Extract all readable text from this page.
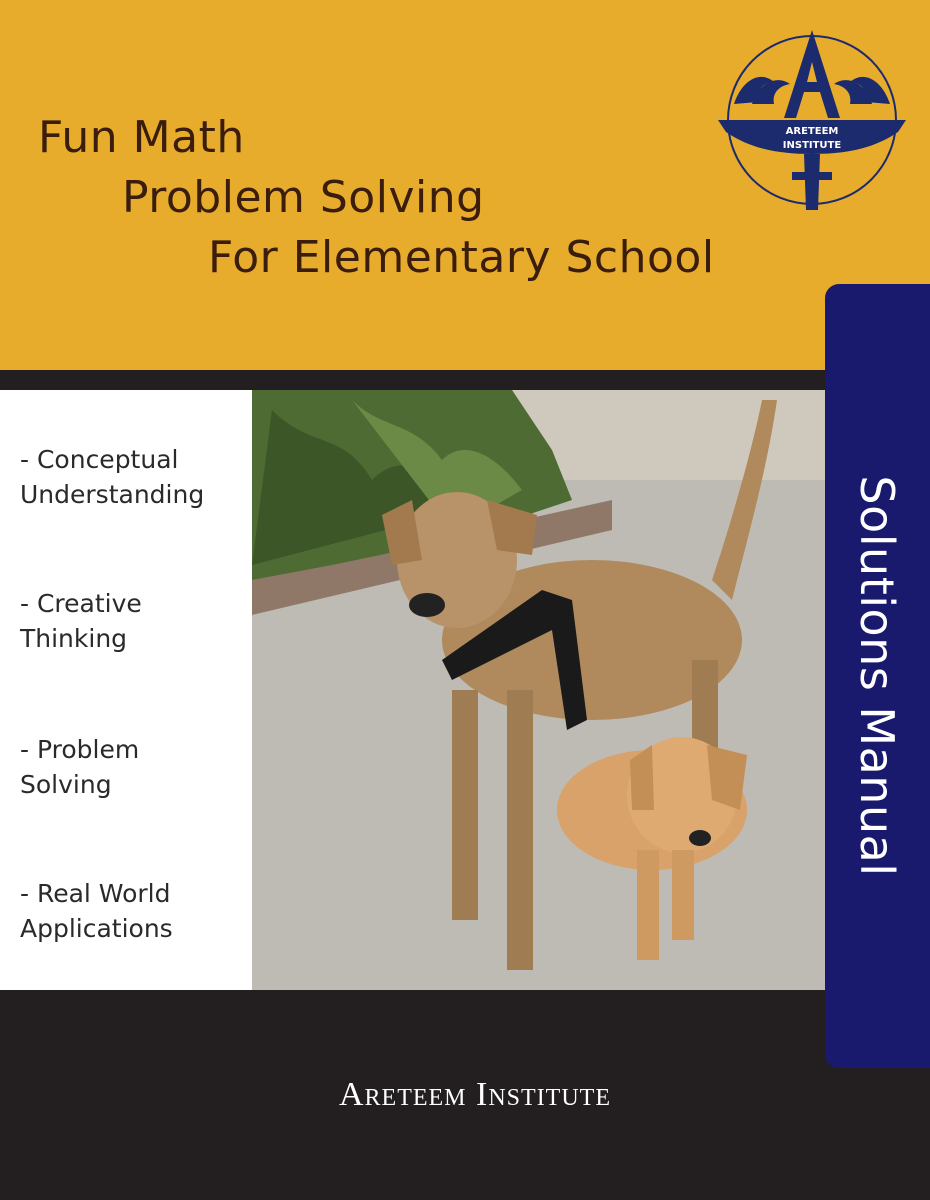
Fun Math
Problem Solving
For Elementary School
ARETEEM
INSTITUTE
- Conceptual
Understanding
- Creative
Thinking
- Problem
Solving
- Real World
Applications
Solutions Manual
Areteem Institute
